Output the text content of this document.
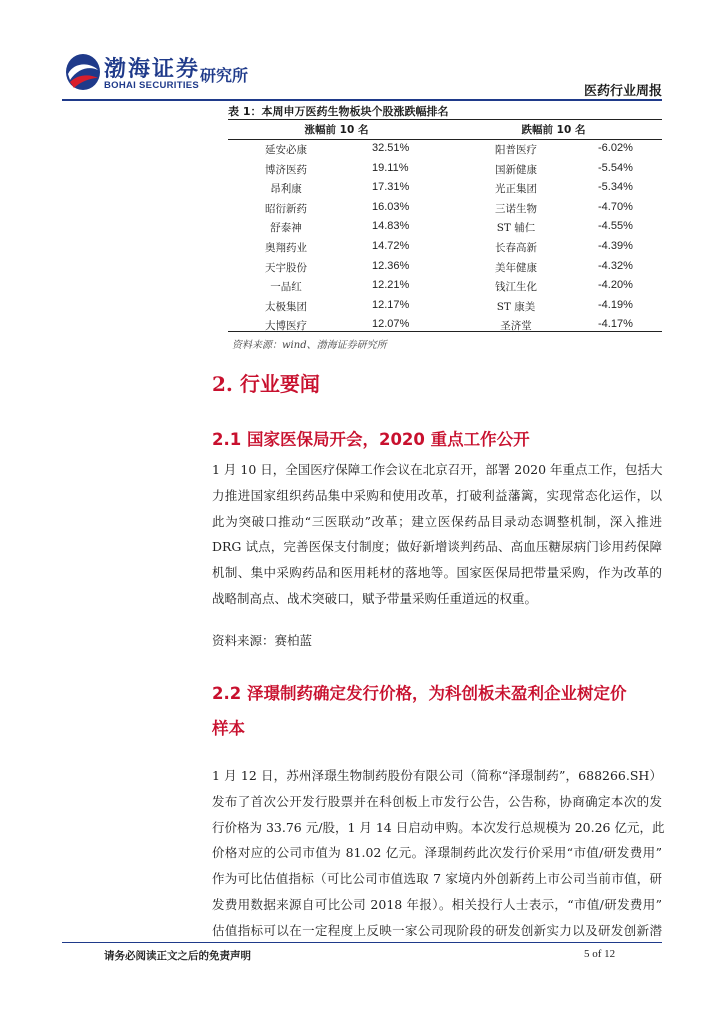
渤海证券
BOHAI SECURITIES
研究所
医药行业周报
表 1：本周申万医药生物板块个股涨跌幅排名
涨幅前 10 名	跌幅前 10 名
延安必康	32.51%	阳普医疗	-6.02%
博济医药	19.11%	国新健康	-5.54%
昂利康	17.31%	光正集团	-5.34%
昭衍新药	16.03%	三诺生物	-4.70%
舒泰神	14.83%	ST 辅仁	-4.55%
奥翔药业	14.72%	长春高新	-4.39%
天宇股份	12.36%	美年健康	-4.32%
一品红	12.21%	钱江生化	-4.20%
太极集团	12.17%	ST 康美	-4.19%
大博医疗	12.07%	圣济堂	-4.17%
资料来源：wind、渤海证券研究所
2. 行业要闻
2.1 国家医保局开会，2020 重点工作公开
1 月 10 日，全国医疗保障工作会议在北京召开，部署 2020 年重点工作，包括大
力推进国家组织药品集中采购和使用改革，打破利益藩篱，实现常态化运作，以
此为突破口推动“三医联动”改革；建立医保药品目录动态调整机制，深入推进
DRG 试点，完善医保支付制度；做好新增谈判药品、高血压糖尿病门诊用药保障
机制、集中采购药品和医用耗材的落地等。国家医保局把带量采购，作为改革的
战略制高点、战术突破口，赋予带量采购任重道远的权重。
资料来源：赛柏蓝
2.2 泽璟制药确定发行价格，为科创板未盈利企业树定价
样本
1 月 12 日，苏州泽璟生物制药股份有限公司（简称“泽璟制药”，688266.SH）
发布了首次公开发行股票并在科创板上市发行公告，公告称，协商确定本次的发
行价格为 33.76 元/股，1 月 14 日启动申购。本次发行总规模为 20.26 亿元，此
价格对应的公司市值为 81.02 亿元。泽璟制药此次发行价采用“市值/研发费用”
作为可比估值指标（可比公司市值选取 7 家境内外创新药上市公司当前市值，研
发费用数据来源自可比公司 2018 年报）。相关投行人士表示，“市值/研发费用”
估值指标可以在一定程度上反映一家公司现阶段的研发创新实力以及研发创新潜
请务必阅读正文之后的免责声明	5 of 12
